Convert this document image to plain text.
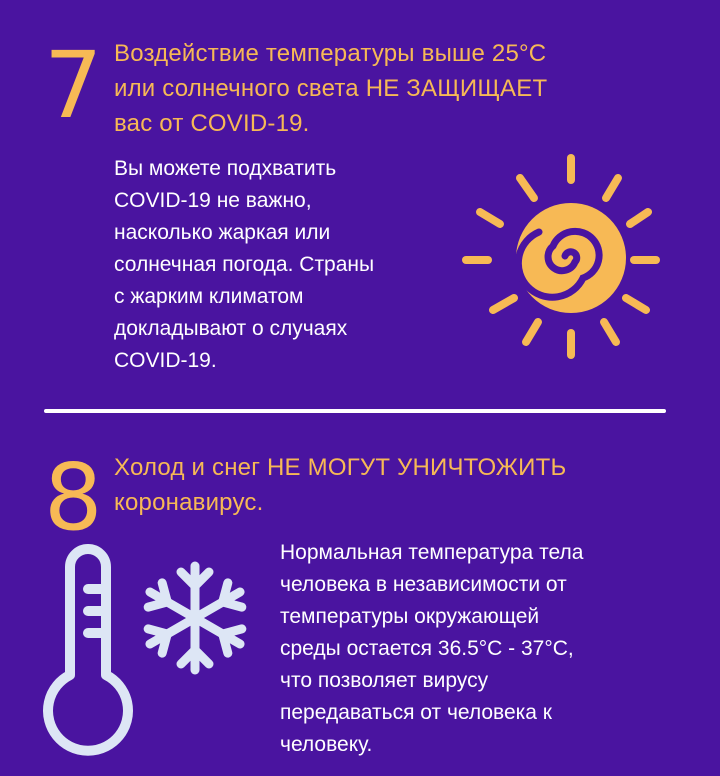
7 Воздействие температуры выше 25°С
или солнечного света НЕ ЗАЩИЩАЕТ
вас от COVID-19.
Вы можете подхватить
COVID-19 не важно,
насколько жаркая или
солнечная погода. Страны
с жарким климатом
докладывают о случаях
COVID-19.
8 Холод и снег НЕ МОГУТ УНИЧТОЖИТЬ
коронавирус.
Нормальная температура тела
человека в независимости от
температуры окружающей
среды остается 36.5°С - 37°С,
что позволяет вирусу
передаваться от человека к
человеку.
